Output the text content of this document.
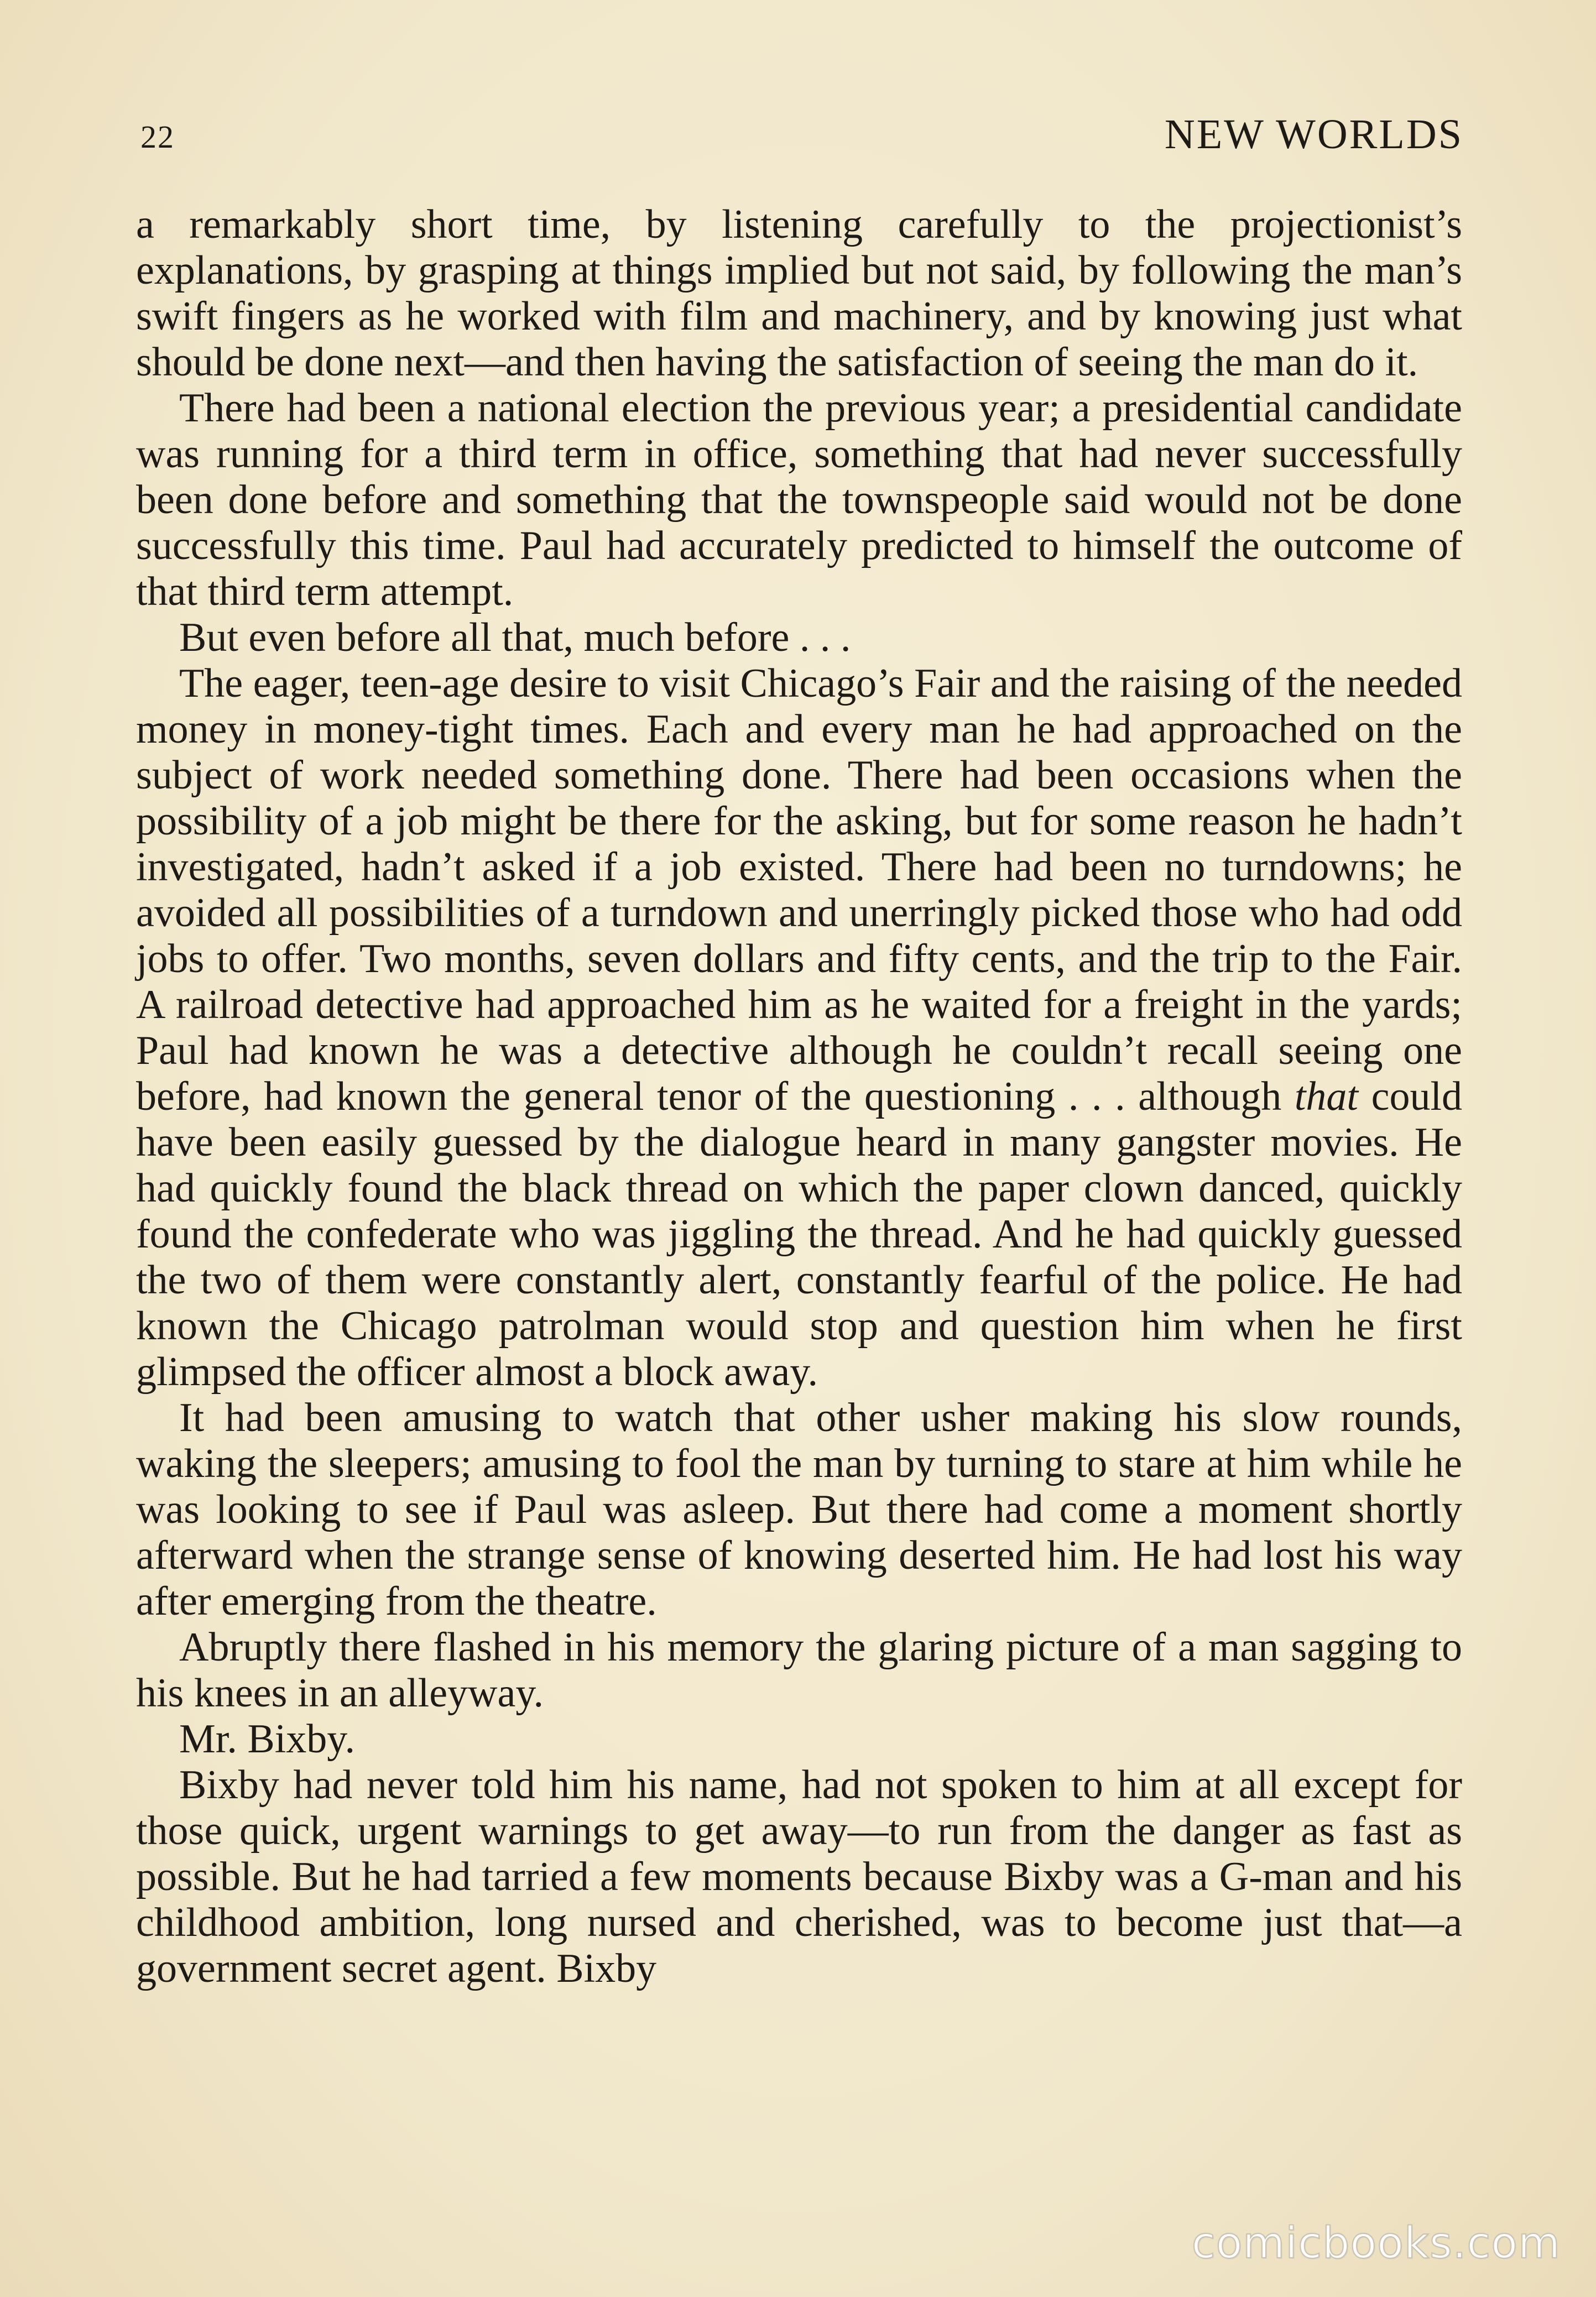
22	NEW WORLDS

a remarkably short time, by listening carefully to the projectionist’s explanations, by grasping at things implied but not said, by following the man’s swift fingers as he worked with film and machinery, and by knowing just what should be done next—and then having the satisfaction of seeing the man do it.

There had been a national election the previous year; a presidential candidate was running for a third term in office, something that had never successfully been done before and something that the townspeople said would not be done successfully this time. Paul had accurately predicted to himself the outcome of that third term attempt.

But even before all that, much before . . .

The eager, teen-age desire to visit Chicago’s Fair and the raising of the needed money in money-tight times. Each and every man he had approached on the subject of work needed something done. There had been occasions when the possibility of a job might be there for the asking, but for some reason he hadn’t investigated, hadn’t asked if a job existed. There had been no turndowns; he avoided all possibilities of a turndown and unerringly picked those who had odd jobs to offer. Two months, seven dollars and fifty cents, and the trip to the Fair. A railroad detective had approached him as he waited for a freight in the yards; Paul had known he was a detective although he couldn’t recall seeing one before, had known the general tenor of the questioning . . . although that could have been easily guessed by the dialogue heard in many gangster movies. He had quickly found the black thread on which the paper clown danced, quickly found the confederate who was jiggling the thread. And he had quickly guessed the two of them were constantly alert, constantly fearful of the police. He had known the Chicago patrolman would stop and question him when he first glimpsed the officer almost a block away.

It had been amusing to watch that other usher making his slow rounds, waking the sleepers; amusing to fool the man by turning to stare at him while he was looking to see if Paul was asleep. But there had come a moment shortly afterward when the strange sense of knowing deserted him. He had lost his way after emerging from the theatre.

Abruptly there flashed in his memory the glaring picture of a man sagging to his knees in an alleyway.

Mr. Bixby.

Bixby had never told him his name, had not spoken to him at all except for those quick, urgent warnings to get away—to run from the danger as fast as possible. But he had tarried a few moments because Bixby was a G-man and his childhood ambition, long nursed and cherished, was to become just that—a government secret agent. Bixby

comicbooks.com
